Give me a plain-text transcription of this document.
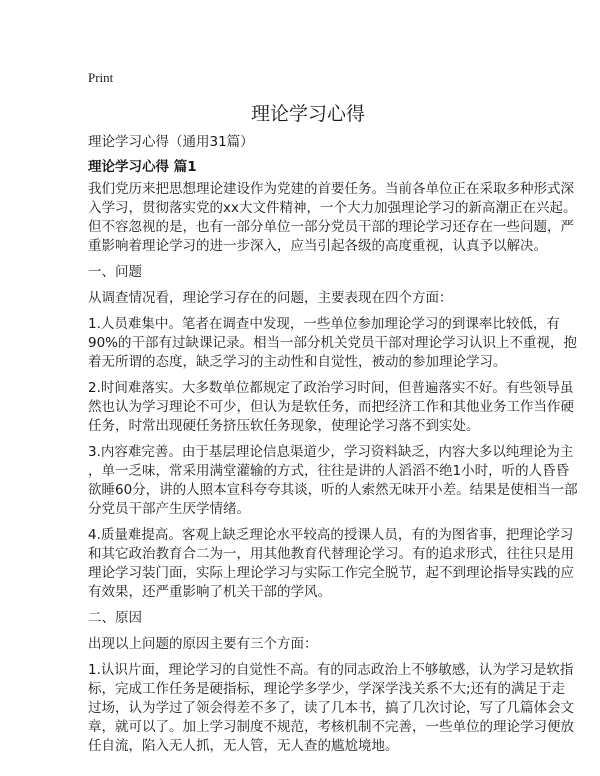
Print
理论学习心得
理论学习心得（通用31篇）
理论学习心得 篇1

我们党历来把思想理论建设作为党建的首要任务。当前各单位正在采取多种形式深
入学习，贯彻落实党的xx大文件精神，一个大力加强理论学习的新高潮正在兴起。
但不容忽视的是，也有一部分单位一部分党员干部的理论学习还存在一些问题，严
重影响着理论学习的进一步深入，应当引起各级的高度重视，认真予以解决。

一、问题

从调查情况看，理论学习存在的问题，主要表现在四个方面：

1.人员难集中。笔者在调查中发现，一些单位参加理论学习的到课率比较低，有
90%的干部有过缺课记录。相当一部分机关党员干部对理论学习认识上不重视，抱
着无所谓的态度，缺乏学习的主动性和自觉性，被动的参加理论学习。

2.时间难落实。大多数单位都规定了政治学习时间，但普遍落实不好。有些领导虽
然也认为学习理论不可少，但认为是软任务，而把经济工作和其他业务工作当作硬
任务，时常出现硬任务挤压软任务现象，使理论学习落不到实处。

3.内容难完善。由于基层理论信息渠道少，学习资料缺乏，内容大多以纯理论为主
，单一乏味，常采用满堂灌输的方式，往往是讲的人滔滔不绝1小时，听的人昏昏
欲睡60分，讲的人照本宣科夸夸其谈，听的人索然无味开小差。结果是使相当一部
分党员干部产生厌学情绪。

4.质量难提高。客观上缺乏理论水平较高的授课人员，有的为图省事，把理论学习
和其它政治教育合二为一，用其他教育代替理论学习。有的追求形式，往往只是用
理论学习装门面，实际上理论学习与实际工作完全脱节，起不到理论指导实践的应
有效果，还严重影响了机关干部的学风。

二、原因

出现以上问题的原因主要有三个方面：

1.认识片面，理论学习的自觉性不高。有的同志政治上不够敏感，认为学习是软指
标，完成工作任务是硬指标，理论学多学少，学深学浅关系不大;还有的满足于走
过场，认为学过了领会得差不多了，读了几本书，搞了几次讨论，写了几篇体会文
章，就可以了。加上学习制度不规范，考核机制不完善，一些单位的理论学习便放
任自流，陷入无人抓，无人管，无人查的尴尬境地。
